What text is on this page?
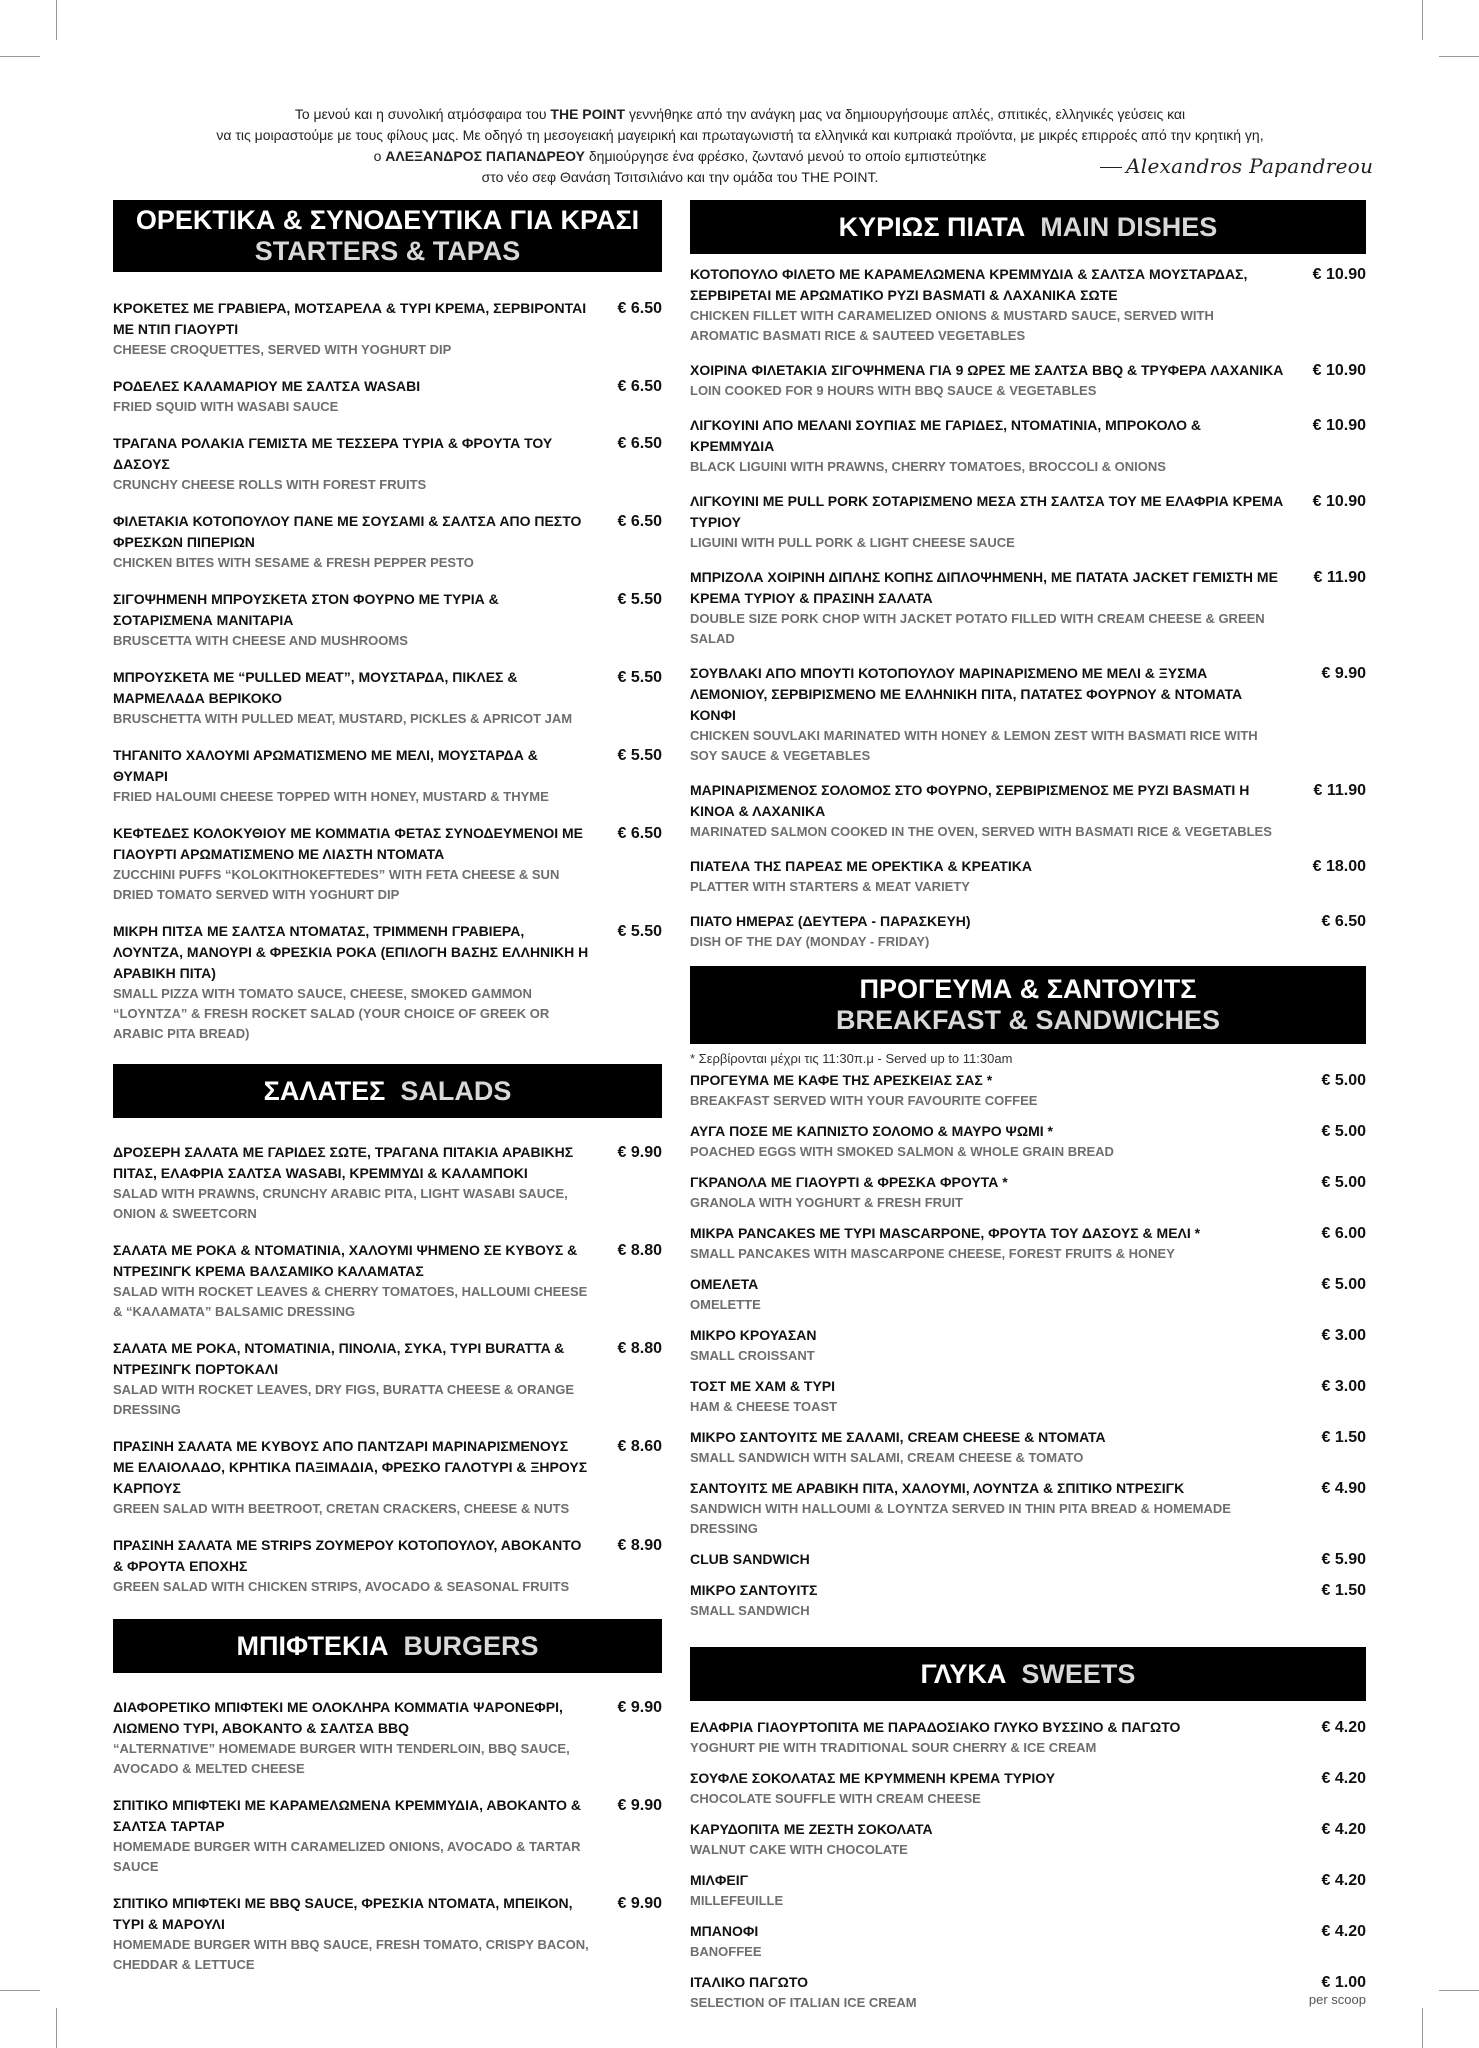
Το μενού και η συνολική ατμόσφαιρα του THE POINT γεννήθηκε από την ανάγκη μας να δημιουργήσουμε απλές, σπιτικές, ελληνικές γεύσεις και

να τις μοιραστούμε με τους φίλους μας. Με οδηγό τη μεσογειακή μαγειρική και πρωταγωνιστή τα ελληνικά και κυπριακά προϊόντα, με μικρές επιρροές από την κρητική γη,

ο ΑΛΕΞΑΝΔΡΟΣ ΠΑΠΑΝΔΡΕΟΥ δημιούργησε ένα φρέσκο, ζωντανό μενού το οποίο εμπιστεύτηκε

στο νέο σεφ Θανάση Τσιτσιλιάνο και την ομάδα του THE POINT.	Alexandros Papandreou
ΟΡΕΚΤΙΚΑ & ΣΥΝΟΔΕΥΤΙΚΑ ΓΙΑ ΚΡΑΣΙ
STARTERS & TAPAS
ΚΡΟΚΕΤΕΣ ΜΕ ΓΡΑΒΙΕΡΑ, ΜΟΤΣΑΡΕΛΑ & ΤΥΡΙ ΚΡΕΜΑ, ΣΕΡΒΙΡΟΝΤΑΙ ΜΕ ΝΤΙΠ ΓΙΑΟΥΡΤΙ
CHEESE CROQUETTES, SERVED WITH YOGHURT DIP
€ 6.50
ΡΟΔΕΛΕΣ ΚΑΛΑΜΑΡΙΟΥ ΜΕ ΣΑΛΤΣΑ WASABI
FRIED SQUID WITH WASABI SAUCE
€ 6.50
ΤΡΑΓΑΝΑ ΡΟΛΑΚΙΑ ΓΕΜΙΣΤΑ ΜΕ ΤΕΣΣΕΡΑ ΤΥΡΙΑ & ΦΡΟΥΤΑ ΤΟΥ ΔΑΣΟΥΣ
CRUNCHY CHEESE ROLLS WITH FOREST FRUITS
€ 6.50
ΦΙΛΕΤΑΚΙΑ ΚΟΤΟΠΟΥΛΟΥ ΠΑΝΕ ΜΕ ΣΟΥΣΑΜΙ & ΣΑΛΤΣΑ ΑΠΟ ΠΕΣΤΟ ΦΡΕΣΚΩΝ ΠΙΠΕΡΙΩΝ
CHICKEN BITES WITH SESAME & FRESH PEPPER PESTO
€ 6.50
ΣΙΓΟΨΗΜΕΝΗ ΜΠΡΟΥΣΚΕΤΑ ΣΤΟΝ ΦΟΥΡΝΟ ΜΕ ΤΥΡΙΑ & ΣΟΤΑΡΙΣΜΕΝΑ ΜΑΝΙΤΑΡΙΑ
BRUSCETTA WITH CHEESE AND MUSHROOMS
€ 5.50
ΜΠΡΟΥΣΚΕΤΑ ΜΕ “PULLED MEAT”, ΜΟΥΣΤΑΡΔΑ, ΠΙΚΛΕΣ & ΜΑΡΜΕΛΑΔΑ ΒΕΡΙΚΟΚΟ
BRUSCHETTA WITH PULLED MEAT, MUSTARD, PICKLES & APRICOT JAM
€ 5.50
ΤΗΓΑΝΙΤΟ ΧΑΛΟΥΜΙ ΑΡΩΜΑΤΙΣΜΕΝΟ ΜΕ ΜΕΛΙ, ΜΟΥΣΤΑΡΔΑ & ΘΥΜΑΡΙ
FRIED HALOUMI CHEESE TOPPED WITH HONEY, MUSTARD & THYME
€ 5.50
ΚΕΦΤΕΔΕΣ ΚΟΛΟΚΥΘΙΟΥ ΜΕ ΚΟΜΜΑΤΙΑ ΦΕΤΑΣ ΣΥΝΟΔΕΥΜΕΝΟΙ ΜΕ ΓΙΑΟΥΡΤΙ ΑΡΩΜΑΤΙΣΜΕΝΟ ΜΕ ΛΙΑΣΤΗ ΝΤΟΜΑΤΑ
ZUCCHINI PUFFS “KOLOKITHOKEFTEDES” WITH FETA CHEESE & SUN DRIED TOMATO SERVED WITH YOGHURT DIP
€ 6.50
ΜΙΚΡΗ ΠΙΤΣΑ ΜΕ ΣΑΛΤΣΑ ΝΤΟΜΑΤΑΣ, ΤΡΙΜΜΕΝΗ ΓΡΑΒΙΕΡΑ, ΛΟΥΝΤΖΑ, ΜΑΝΟΥΡΙ & ΦΡΕΣΚΙΑ ΡΟΚΑ (ΕΠΙΛΟΓΗ ΒΑΣΗΣ ΕΛΛΗΝΙΚΗ Η ΑΡΑΒΙΚΗ ΠΙΤΑ)
SMALL PIZZA WITH TOMATO SAUCE, CHEESE, SMOKED GAMMON “LOYNTZA” & FRESH ROCKET SALAD (YOUR CHOICE OF GREEK OR ARABIC PITA BREAD)
€ 5.50
ΣΑΛΑΤΕΣ SALADS
ΔΡΟΣΕΡΗ ΣΑΛΑΤΑ ΜΕ ΓΑΡΙΔΕΣ ΣΩΤΕ, ΤΡΑΓΑΝΑ ΠΙΤΑΚΙΑ ΑΡΑΒΙΚΗΣ ΠΙΤΑΣ, ΕΛΑΦΡΙΑ ΣΑΛΤΣΑ WASABI, ΚΡΕΜΜΥΔΙ & ΚΑΛΑΜΠΟΚΙ
SALAD WITH PRAWNS, CRUNCHY ARABIC PITA, LIGHT WASABI SAUCE, ONION & SWEETCORN
€ 9.90
ΣΑΛΑΤΑ ΜΕ ΡΟΚΑ & ΝΤΟΜΑΤΙΝΙΑ, ΧΑΛΟΥΜΙ ΨΗΜΕΝΟ ΣΕ ΚΥΒΟΥΣ & ΝΤΡΕΣΙΝΓΚ ΚΡΕΜΑ ΒΑΛΣΑΜΙΚΟ ΚΑΛΑΜΑΤΑΣ
SALAD WITH ROCKET LEAVES & CHERRY TOMATOES, HALLOUMI CHEESE & “ΚΑΛΑΜΑΤΑ” BALSAMIC DRESSING
€ 8.80
ΣΑΛΑΤΑ ΜΕ ΡΟΚΑ, ΝΤΟΜΑΤΙΝΙΑ, ΠΙΝΟΛΙΑ, ΣΥΚΑ, ΤΥΡΙ BURATTA & ΝΤΡΕΣΙΝΓΚ ΠΟΡΤΟΚΑΛΙ
SALAD WITH ROCKET LEAVES, DRY FIGS, BURATTA CHEESE & ORANGE DRESSING
€ 8.80
ΠΡΑΣΙΝΗ ΣΑΛΑΤΑ ΜΕ ΚΥΒΟΥΣ ΑΠΟ ΠΑΝΤΖΑΡΙ ΜΑΡΙΝΑΡΙΣΜΕΝΟΥΣ ΜΕ ΕΛΑΙΟΛΑΔΟ, ΚΡΗΤΙΚΑ ΠΑΞΙΜΑΔΙΑ, ΦΡΕΣΚΟ ΓΑΛΟΤΥΡΙ & ΞΗΡΟΥΣ ΚΑΡΠΟΥΣ
GREEN SALAD WITH BEETROOT, CRETAN CRACKERS, CHEESE & NUTS
€ 8.60
ΠΡΑΣΙΝΗ ΣΑΛΑΤΑ ΜΕ STRIPS ΖΟΥΜΕΡΟΥ ΚΟΤΟΠΟΥΛΟΥ, ΑΒΟΚΑΝΤΟ & ΦΡΟΥΤΑ ΕΠΟΧΗΣ
GREEN SALAD WITH CHICKEN STRIPS, AVOCADO & SEASONAL FRUITS
€ 8.90
ΜΠΙΦΤΕΚΙΑ BURGERS
ΔΙΑΦΟΡΕΤΙΚΟ ΜΠΙΦΤΕΚΙ ΜΕ ΟΛΟΚΛΗΡΑ ΚΟΜΜΑΤΙΑ ΨΑΡΟΝΕΦΡΙ, ΛΙΩΜΕΝΟ ΤΥΡΙ, ΑΒΟΚΑΝΤΟ & ΣΑΛΤΣΑ BBQ
“ALTERNATIVE” HOMEMADE BURGER WITH TENDERLOIN, BBQ SAUCE, AVOCADO & MELTED CHEESE
€ 9.90
ΣΠΙΤΙΚΟ ΜΠΙΦΤΕΚΙ ΜΕ ΚΑΡΑΜΕΛΩΜΕΝΑ ΚΡΕΜΜΥΔΙΑ, ΑΒΟΚΑΝΤΟ & ΣΑΛΤΣΑ ΤΑΡΤΑΡ
HOMEMADE BURGER WITH CARAMELIZED ONIONS, AVOCADO & TARTAR SAUCE
€ 9.90
ΣΠΙΤΙΚΟ ΜΠΙΦΤΕΚΙ ΜΕ BBQ SAUCE, ΦΡΕΣΚΙΑ ΝΤΟΜΑΤΑ, ΜΠΕΙΚΟΝ, ΤΥΡΙ & ΜΑΡΟΥΛΙ
HOMEMADE BURGER WITH BBQ SAUCE, FRESH TOMATO, CRISPY BACON, CHEDDAR & LETTUCE
€ 9.90
ΚΥΡΙΩΣ ΠΙΑΤΑ MAIN DISHES
ΚΟΤΟΠΟΥΛΟ ΦΙΛΕΤΟ ΜΕ ΚΑΡΑΜΕΛΩΜΕΝΑ ΚΡΕΜΜΥΔΙΑ & ΣΑΛΤΣΑ ΜΟΥΣΤΑΡΔΑΣ, ΣΕΡΒΙΡΕΤΑΙ ΜΕ ΑΡΩΜΑΤΙΚΟ ΡΥΖΙ BASMATI & ΛΑΧΑΝΙΚΑ ΣΩΤΕ
CHICKEN FILLET WITH CARAMELIZED ONIONS & MUSTARD SAUCE, SERVED WITH AROMATIC BASMATI RICE & SAUTEED VEGETABLES
€ 10.90
ΧΟΙΡΙΝΑ ΦΙΛΕΤΑΚΙΑ ΣΙΓΟΨΗΜΕΝΑ ΓΙΑ 9 ΩΡΕΣ ΜΕ ΣΑΛΤΣΑ BBQ & ΤΡΥΦΕΡΑ ΛΑΧΑΝΙΚΑ
LOIN COOKED FOR 9 HOURS WITH BBQ SAUCE & VEGETABLES
€ 10.90
ΛΙΓΚΟΥΙΝΙ ΑΠΟ ΜΕΛΑΝΙ ΣΟΥΠΙΑΣ ΜΕ ΓΑΡΙΔΕΣ, ΝΤΟΜΑΤΙΝΙΑ, ΜΠΡΟΚΟΛΟ & ΚΡΕΜΜΥΔΙΑ
BLACK LIGUINI WITH PRAWNS, CHERRY TOMATOES, BROCCOLI & ONIONS
€ 10.90
ΛΙΓΚΟΥΙΝΙ ΜΕ PULL PORK ΣΟΤΑΡΙΣΜΕΝΟ ΜΕΣΑ ΣΤΗ ΣΑΛΤΣΑ ΤΟΥ ΜΕ ΕΛΑΦΡΙΑ ΚΡΕΜΑ ΤΥΡΙΟΥ
LIGUINI WITH PULL PORK & LIGHT CHEESE SAUCE
€ 10.90
ΜΠΡΙΖΟΛΑ ΧΟΙΡΙΝΗ ΔΙΠΛΗΣ ΚΟΠΗΣ ΔΙΠΛΟΨΗΜΕΝΗ, ΜΕ ΠΑΤΑΤΑ JACKET ΓΕΜΙΣΤΗ ΜΕ ΚΡΕΜΑ ΤΥΡΙΟΥ & ΠΡΑΣΙΝΗ ΣΑΛΑΤΑ
DOUBLE SIZE PORK CHOP WITH JACKET POTATO FILLED WITH CREAM CHEESE & GREEN SALAD
€ 11.90
ΣΟΥΒΛΑΚΙ ΑΠΟ ΜΠΟΥΤΙ ΚΟΤΟΠΟΥΛΟΥ ΜΑΡΙΝΑΡΙΣΜΕΝΟ ΜΕ ΜΕΛΙ & ΞΥΣΜΑ ΛΕΜΟΝΙΟΥ, ΣΕΡΒΙΡΙΣΜΕΝΟ ΜΕ ΕΛΛΗΝΙΚΗ ΠΙΤΑ, ΠΑΤΑΤΕΣ ΦΟΥΡΝΟΥ & ΝΤΟΜΑΤΑ ΚΟΝΦΙ
CHICKEN SOUVLAKI MARINATED WITH HONEY & LEMON ZEST WITH BASMATI RICE WITH SOY SAUCE & VEGETABLES
€ 9.90
ΜΑΡΙΝΑΡΙΣΜΕΝΟΣ ΣΟΛΟΜΟΣ ΣΤΟ ΦΟΥΡΝΟ, ΣΕΡΒΙΡΙΣΜΕΝΟΣ ΜΕ ΡΥΖΙ BASMATI Η ΚΙΝΟΑ & ΛΑΧΑΝΙΚΑ
MARINATED SALMON COOKED IN THE OVEN, SERVED WITH BASMATI RICE & VEGETABLES
€ 11.90
ΠΙΑΤΕΛΑ ΤΗΣ ΠΑΡΕΑΣ ΜΕ ΟΡΕΚΤΙΚΑ & ΚΡΕΑΤΙΚΑ
PLATTER WITH STARTERS & MEAT VARIETY
€ 18.00
ΠΙΑΤΟ ΗΜΕΡΑΣ (ΔΕΥΤΕΡΑ - ΠΑΡΑΣΚΕΥΗ)
DISH OF THE DAY (MONDAY - FRIDAY)
€ 6.50
ΠΡΟΓΕΥΜΑ & ΣΑΝΤΟΥΙΤΣ
BREAKFAST & SANDWICHES
* Σερβίρονται μέχρι τις 11:30π.μ - Served up to 11:30am
ΠΡΟΓΕΥΜΑ ΜΕ ΚΑΦΕ ΤΗΣ ΑΡΕΣΚΕΙΑΣ ΣΑΣ *
BREAKFAST SERVED WITH YOUR FAVOURITE COFFEE
€ 5.00
ΑΥΓΑ ΠΟΣΕ ΜΕ ΚΑΠΝΙΣΤΟ ΣΟΛΟΜΟ & ΜΑΥΡΟ ΨΩΜΙ *
POACHED EGGS WITH SMOKED SALMON & WHOLE GRAIN BREAD
€ 5.00
ΓΚΡΑΝΟΛΑ ΜΕ ΓΙΑΟΥΡΤΙ & ΦΡΕΣΚΑ ΦΡΟΥΤΑ *
GRANOLA WITH YOGHURT & FRESH FRUIT
€ 5.00
ΜΙΚΡΑ PANCAKES ΜΕ ΤΥΡΙ MASCARPONE, ΦΡΟΥΤΑ ΤΟΥ ΔΑΣΟΥΣ & ΜΕΛΙ *
SMALL PANCAKES WITH MASCARPONE CHEESE, FOREST FRUITS & HONEY
€ 6.00
ΟΜΕΛΕΤΑ
OMELETTE
€ 5.00
ΜΙΚΡΟ ΚΡΟΥΑΣΑΝ
SMALL CROISSANT
€ 3.00
ΤΟΣΤ ΜΕ ΧΑΜ & ΤΥΡΙ
HAM & CHEESE TOAST
€ 3.00
ΜΙΚΡΟ ΣΑΝΤΟΥΙΤΣ ΜΕ ΣΑΛΑΜΙ, CREAM CHEESE & ΝΤΟΜΑΤΑ
SMALL SANDWICH WITH SALAMI, CREAM CHEESE & TOMATO
€ 1.50
ΣΑΝΤΟΥΙΤΣ ΜΕ ΑΡΑΒΙΚΗ ΠΙΤΑ, ΧΑΛΟΥΜΙ, ΛΟΥΝΤΖΑ & ΣΠΙΤΙΚΟ ΝΤΡΕΣΙΓΚ
SANDWICH WITH HALLOUMI & LOYNTZA SERVED IN THIN PITA BREAD & HOMEMADE DRESSING
€ 4.90
CLUB SANDWICH	€ 5.90
ΜΙΚΡΟ ΣΑΝΤΟΥΙΤΣ
SMALL SANDWICH
€ 1.50
ΓΛΥΚΑ SWEETS
ΕΛΑΦΡΙΑ ΓΙΑΟΥΡΤΟΠΙΤΑ ΜΕ ΠΑΡΑΔΟΣΙΑΚΟ ΓΛΥΚΟ ΒΥΣΣΙΝΟ & ΠΑΓΩΤΟ
YOGHURT PIE WITH TRADITIONAL SOUR CHERRY & ICE CREAM
€ 4.20
ΣΟΥΦΛΕ ΣΟΚΟΛΑΤΑΣ ΜΕ ΚΡΥΜΜΕΝΗ ΚΡΕΜΑ ΤΥΡΙΟΥ
CHOCOLATE SOUFFLE WITH CREAM CHEESE
€ 4.20
ΚΑΡΥΔΟΠΙΤΑ ΜΕ ΖΕΣΤΗ ΣΟΚΟΛΑΤΑ
WALNUT CAKE WITH CHOCOLATE
€ 4.20
ΜΙΛΦΕΙΓ
MILLEFEUILLE
€ 4.20
ΜΠΑΝΟΦΙ
BANOFFEE
€ 4.20
ΙΤΑΛΙΚΟ ΠΑΓΩΤΟ
SELECTION OF ITALIAN ICE CREAM
€ 1.00
per scoop
